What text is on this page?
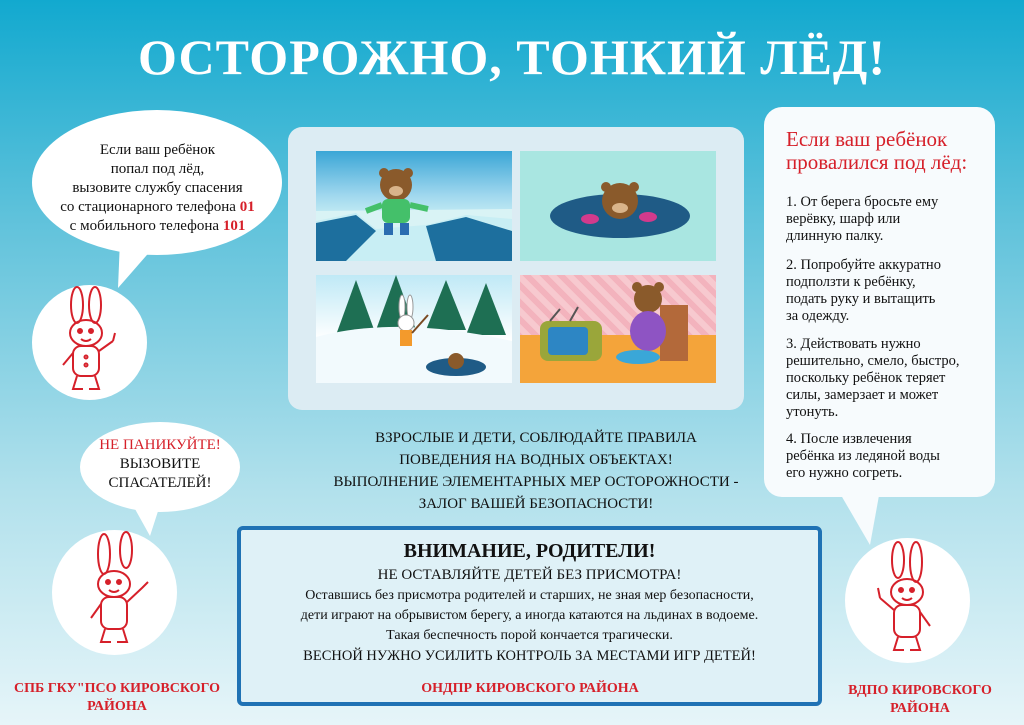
ОСТОРОЖНО, ТОНКИЙ ЛЁД!
Если ваш ребёнок
попал под лёд,
вызовите службу спасения
со стационарного телефона 01
с мобильного телефона 101
НЕ ПАНИКУЙТЕ!
ВЫЗОВИТЕ
СПАСАТЕЛЕЙ!
ВЗРОСЛЫЕ И ДЕТИ, СОБЛЮДАЙТЕ ПРАВИЛА
ПОВЕДЕНИЯ НА ВОДНЫХ ОБЪЕКТАХ!
ВЫПОЛНЕНИЕ ЭЛЕМЕНТАРНЫХ МЕР ОСТОРОЖНОСТИ -
ЗАЛОГ ВАШЕЙ БЕЗОПАСНОСТИ!
Если ваш ребёнок
провалился под лёд:
1. От берега бросьте ему
верёвку, шарф или
длинную палку.
2. Попробуйте аккуратно
подползти к ребёнку,
подать руку и вытащить
за одежду.
3. Действовать нужно
решительно, смело, быстро,
поскольку ребёнок теряет
силы, замерзает и может
утонуть.
4. После извлечения
ребёнка из ледяной воды
его нужно согреть.
ВНИМАНИЕ, РОДИТЕЛИ!
НЕ ОСТАВЛЯЙТЕ ДЕТЕЙ БЕЗ ПРИСМОТРА!
Оставшись без присмотра родителей и старших, не зная мер безопасности,
дети играют на обрывистом берегу, а иногда катаются на льдинах в водоеме.
Такая беспечность порой кончается трагически.
ВЕСНОЙ НУЖНО УСИЛИТЬ КОНТРОЛЬ ЗА МЕСТАМИ ИГР ДЕТЕЙ!
СПБ ГКУ"ПСО КИРОВСКОГО
РАЙОНА
ОНДПР КИРОВСКОГО РАЙОНА	ВДПО КИРОВСКОГО
РАЙОНА
